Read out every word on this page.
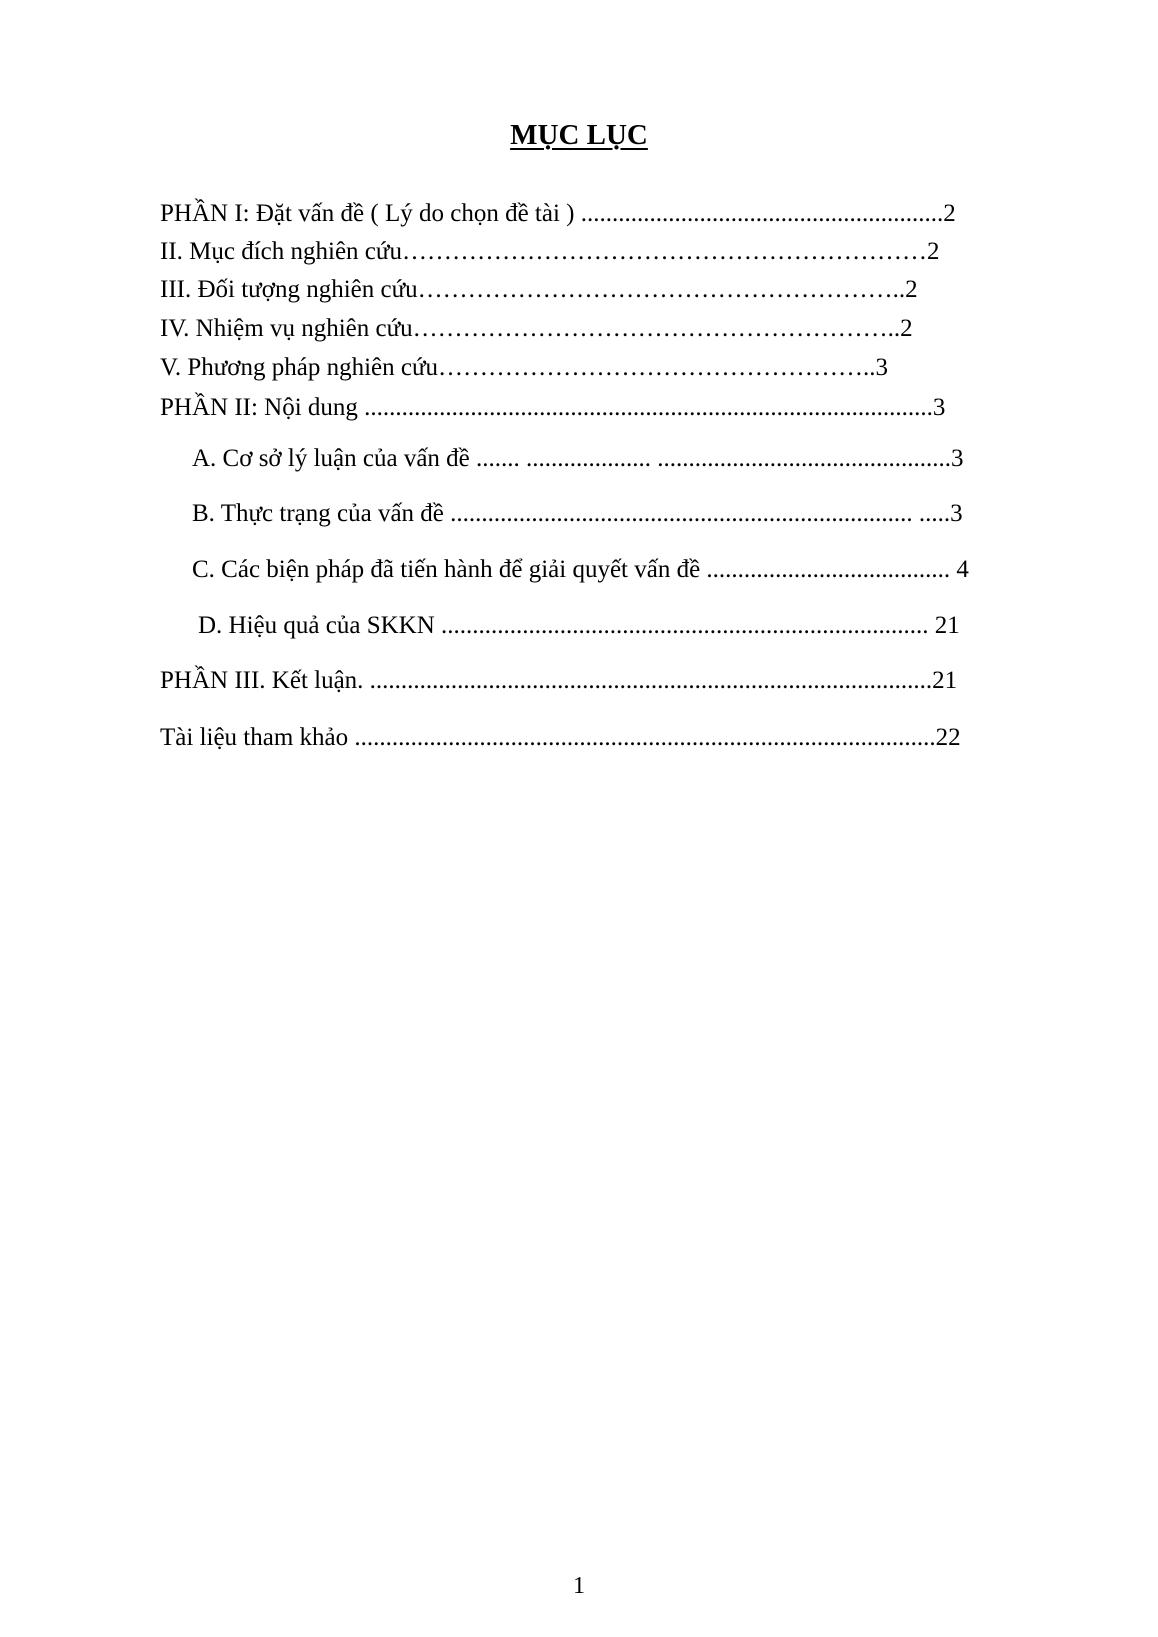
MỤC LỤC
PHẦN I: Đặt vấn đề ( Lý do chọn đề tài ) ..........................................................2
II. Mục đích nghiên cứu………………………………………………………2
III. Đối tượng nghiên cứu…………………………………………………..2
IV. Nhiệm vụ nghiên cứu…………………………………………………..2
V. Phương pháp nghiên cứu……………………………………………..3
PHẦN II: Nội dung ...........................................................................................3
A. Cơ sở lý luận của vấn đề ....... .................... ...............................................3
B. Thực trạng của vấn đề .......................................................................... .....3
C. Các biện pháp đã tiến hành để giải quyết vấn đề ....................................... 4
D. Hiệu quả của SKKN .............................................................................. 21
PHẦN III. Kết luận. ..........................................................................................21
Tài liệu tham khảo .............................................................................................22
1
